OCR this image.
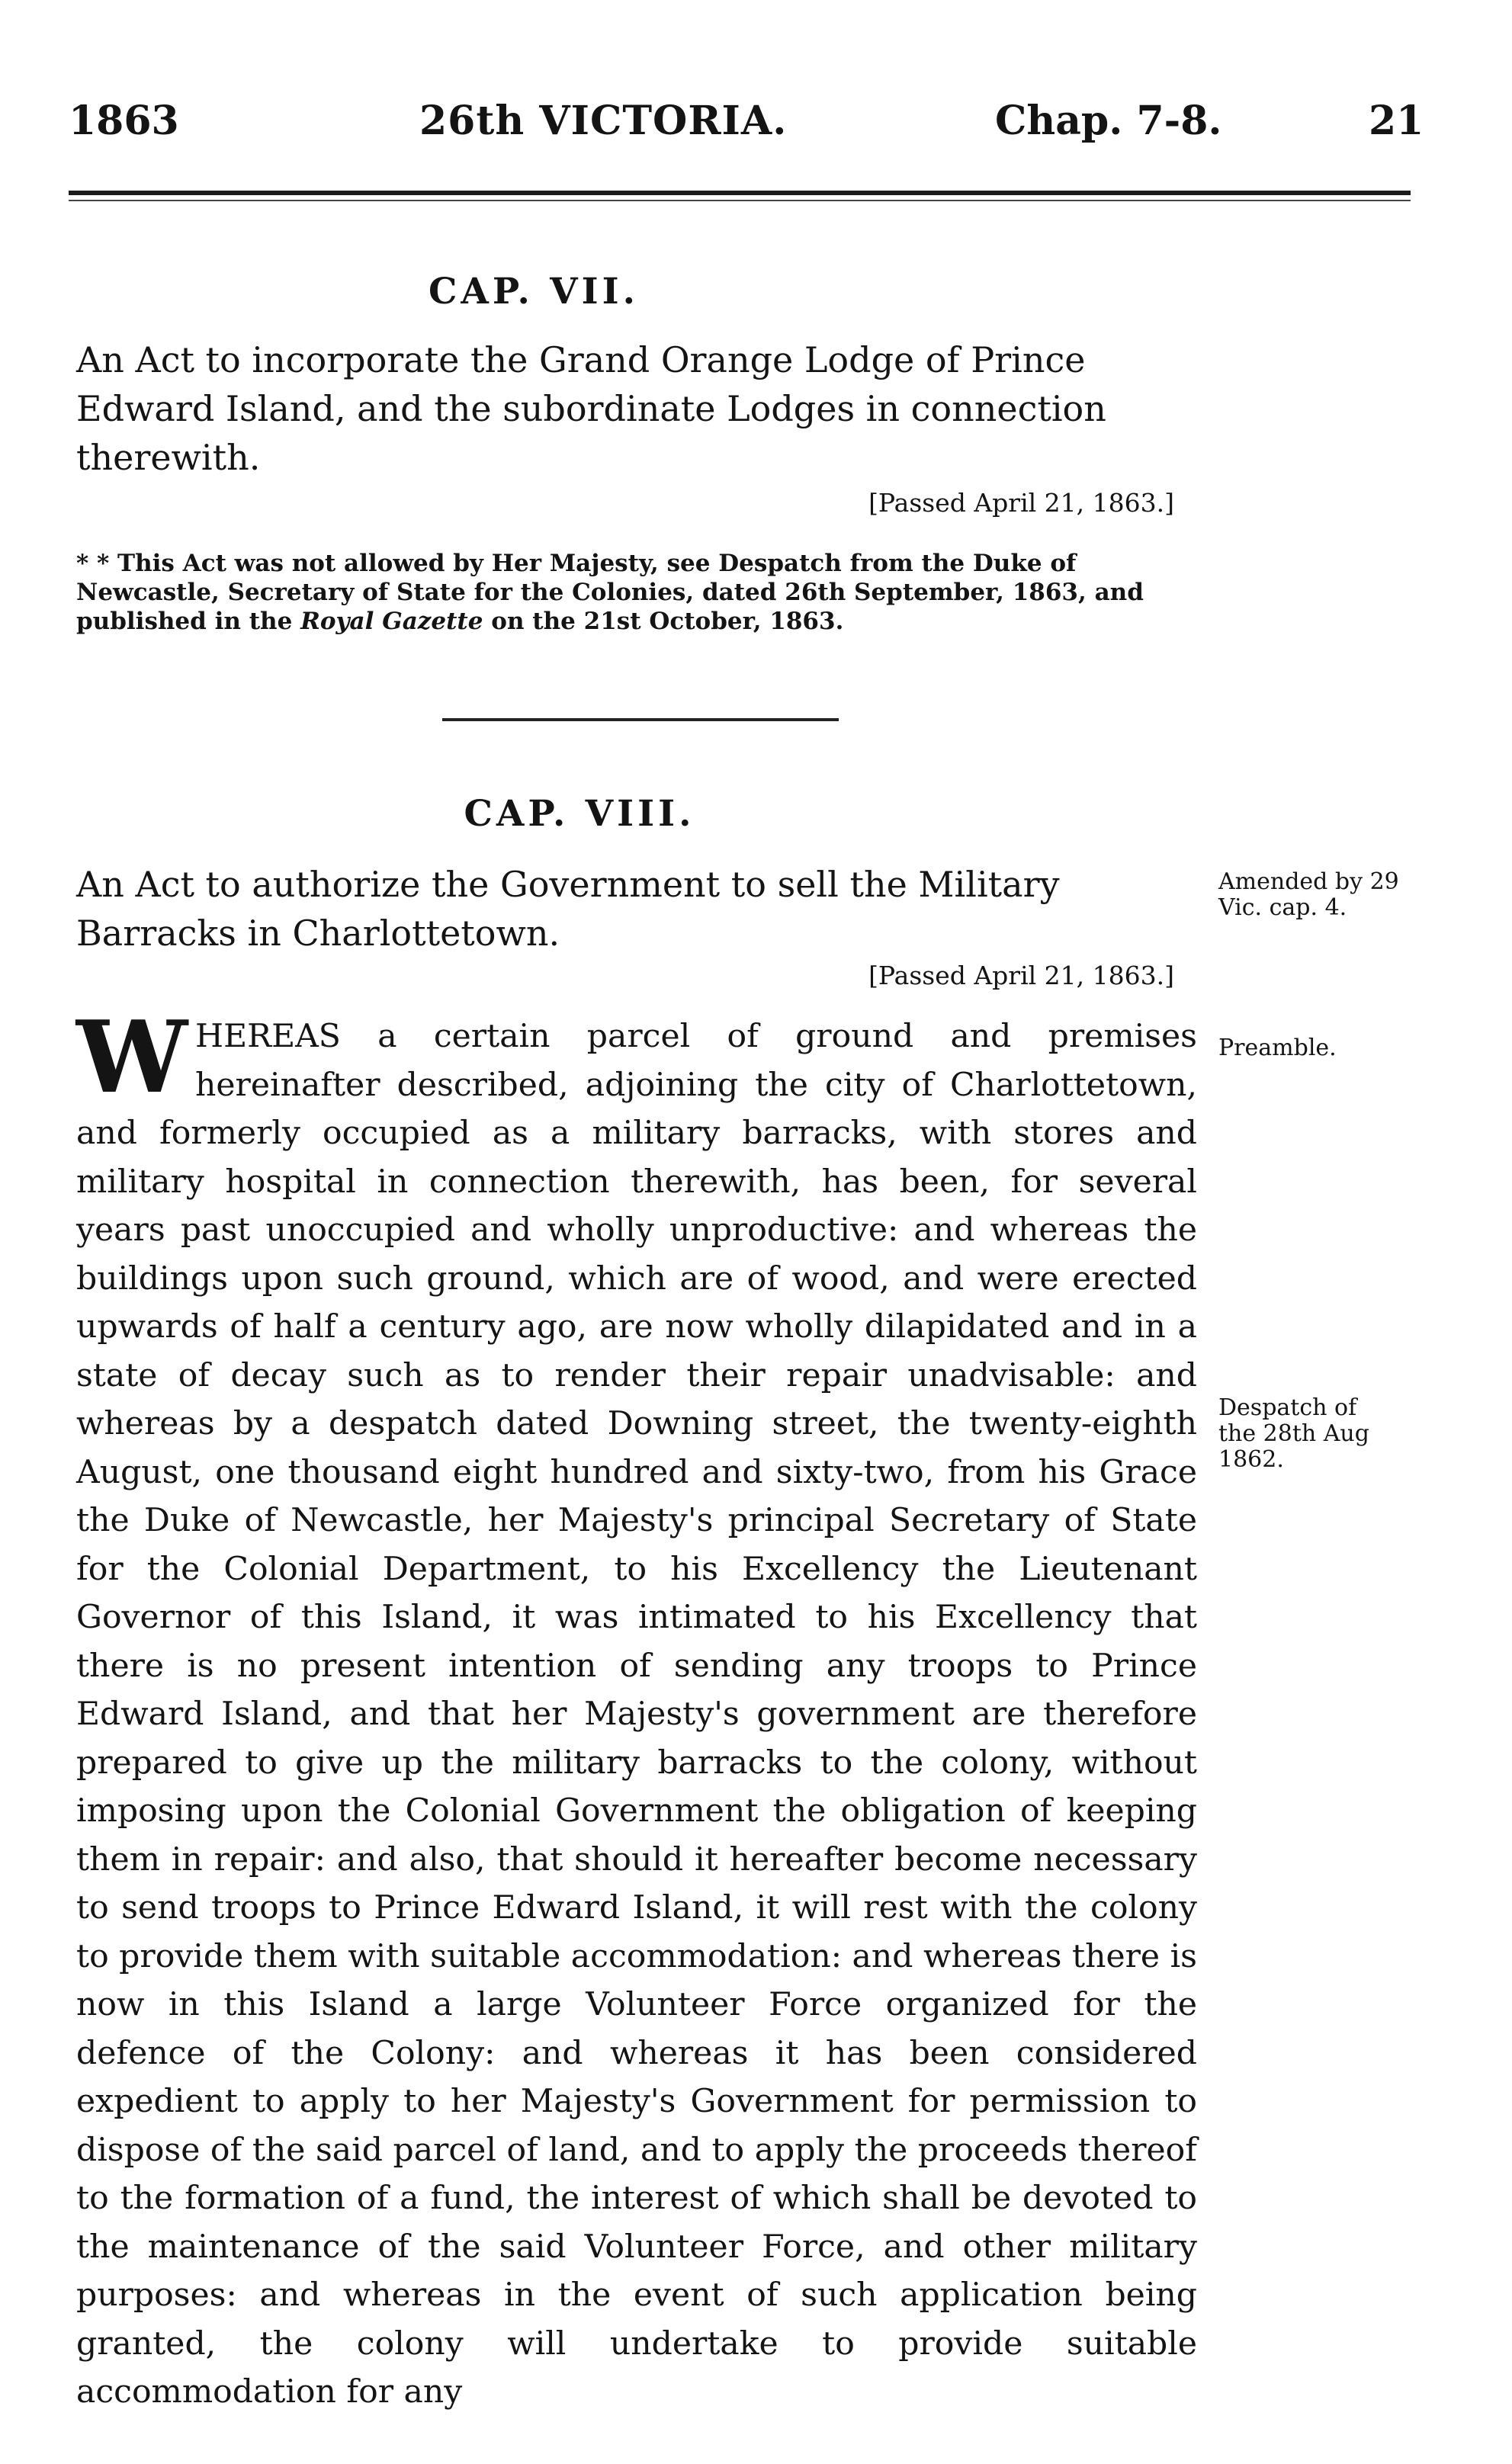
1863	26th VICTORIA.	Chap. 7-8.	21
CAP. VII.
An Act to incorporate the Grand Orange Lodge of Prince Edward Island, and the subordinate Lodges in connection therewith.
[Passed April 21, 1863.]
* * This Act was not allowed by Her Majesty, see Despatch from the Duke of Newcastle, Secretary of State for the Colonies, dated 26th September, 1863, and published in the Royal Gazette on the 21st October, 1863.
CAP. VIII.
An Act to authorize the Government to sell the Military Barracks in Charlottetown.
[Passed April 21, 1863.]
WHEREAS a certain parcel of ground and premises hereinafter described, adjoining the city of Charlottetown, and formerly occupied as a military barracks, with stores and military hospital in connection therewith, has been, for several years past unoccupied and wholly unproductive: and whereas the buildings upon such ground, which are of wood, and were erected upwards of half a century ago, are now wholly dilapidated and in a state of decay such as to render their repair unadvisable: and whereas by a despatch dated Downing street, the twenty-eighth August, one thousand eight hundred and sixty-two, from his Grace the Duke of Newcastle, her Majesty's principal Secretary of State for the Colonial Department, to his Excellency the Lieutenant Governor of this Island, it was intimated to his Excellency that there is no present intention of sending any troops to Prince Edward Island, and that her Majesty's government are therefore prepared to give up the military barracks to the colony, without imposing upon the Colonial Government the obligation of keeping them in repair: and also, that should it hereafter become necessary to send troops to Prince Edward Island, it will rest with the colony to provide them with suitable accommodation: and whereas there is now in this Island a large Volunteer Force organized for the defence of the Colony: and whereas it has been considered expedient to apply to her Majesty's Government for permission to dispose of the said parcel of land, and to apply the proceeds thereof to the formation of a fund, the interest of which shall be devoted to the maintenance of the said Volunteer Force, and other military purposes: and whereas in the event of such application being granted, the colony will undertake to provide suitable accommodation for any
Amended by 29 Vic. cap. 4.
Preamble.
Despatch of the 28th Aug 1862.
